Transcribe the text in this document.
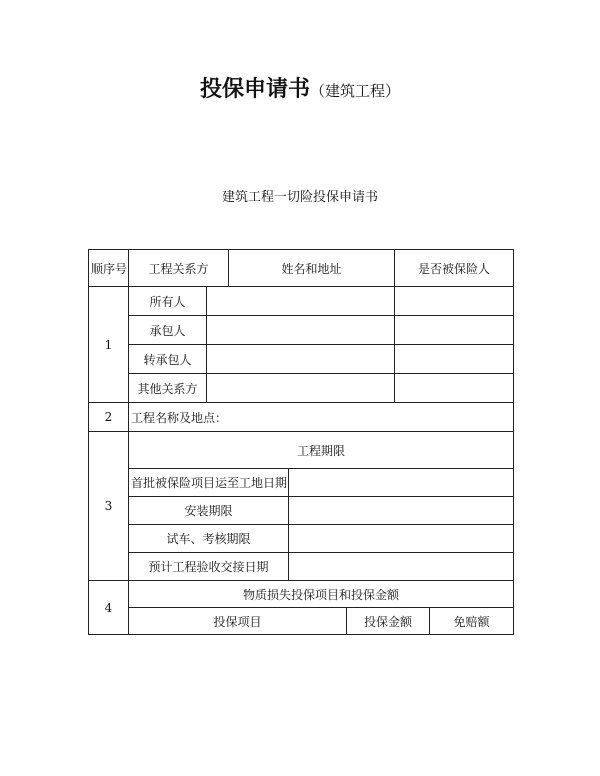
投保申请书（建筑工程）
建筑工程一切险投保申请书
顺序号	工程关系方		姓名和地址			是否被保险人	
1	所有人						
	承包人						
	转承包人						
	其他关系方						
2	工程名称及地点：						
3	工程期限						
	首批被保险项目运至工地日期						
	安装期限						
	试车、考核期限						
	预计工程验收交接日期						
4	物质损失投保项目和投保金额						
	投保项目				投保金额		免赔额
